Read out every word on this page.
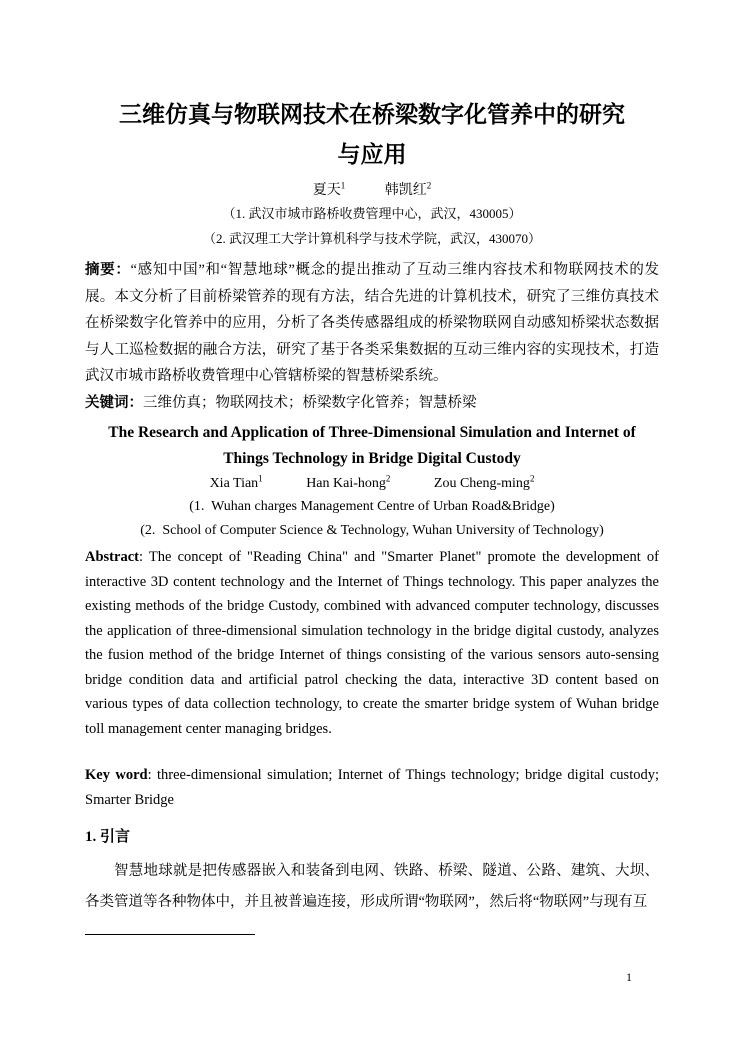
三维仿真与物联网技术在桥梁数字化管养中的研究
与应用
夏天$^1$	韩凯红$^2$
（1. 武汉市城市路桥收费管理中心，武汉，430005）
（2. 武汉理工大学计算机科学与技术学院，武汉，430070）

摘要：“感知中国”和“智慧地球”概念的提出推动了互动三维内容技术和物联网技术的发展。本文分析了目前桥梁管养的现有方法，结合先进的计算机技术，研究了三维仿真技术在桥梁数字化管养中的应用，分析了各类传感器组成的桥梁物联网自动感知桥梁状态数据与人工巡检数据的融合方法，研究了基于各类采集数据的互动三维内容的实现技术，打造武汉市城市路桥收费管理中心管辖桥梁的智慧桥梁系统。

关键词：三维仿真；物联网技术；桥梁数字化管养；智慧桥梁

The Research and Application of Three-Dimensional Simulation and Internet of
Things Technology in Bridge Digital Custody
Xia Tian$^1$	Han Kai-hong$^2$	Zou Cheng-ming$^2$
(1.  Wuhan charges Management Centre of Urban Road&Bridge)
(2.  School of Computer Science & Technology, Wuhan University of Technology)

Abstract: The concept of "Reading China" and "Smarter Planet" promote the development of interactive 3D content technology and the Internet of Things technology. This paper analyzes the existing methods of the bridge Custody, combined with advanced computer technology, discusses the application of three-dimensional simulation technology in the bridge digital custody, analyzes the fusion method of the bridge Internet of things consisting of the various sensors auto-sensing bridge condition data and artificial patrol checking the data, interactive 3D content based on various types of data collection technology, to create the smarter bridge system of Wuhan bridge toll management center managing bridges.

Key word: three-dimensional simulation; Internet of Things technology; bridge digital custody; Smarter Bridge

1. 引言

智慧地球就是把传感器嵌入和装备到电网、铁路、桥梁、隧道、公路、建筑、大坝、各类管道等各种物体中，并且被普遍连接，形成所谓“物联网”，然后将“物联网”与现有互

1
